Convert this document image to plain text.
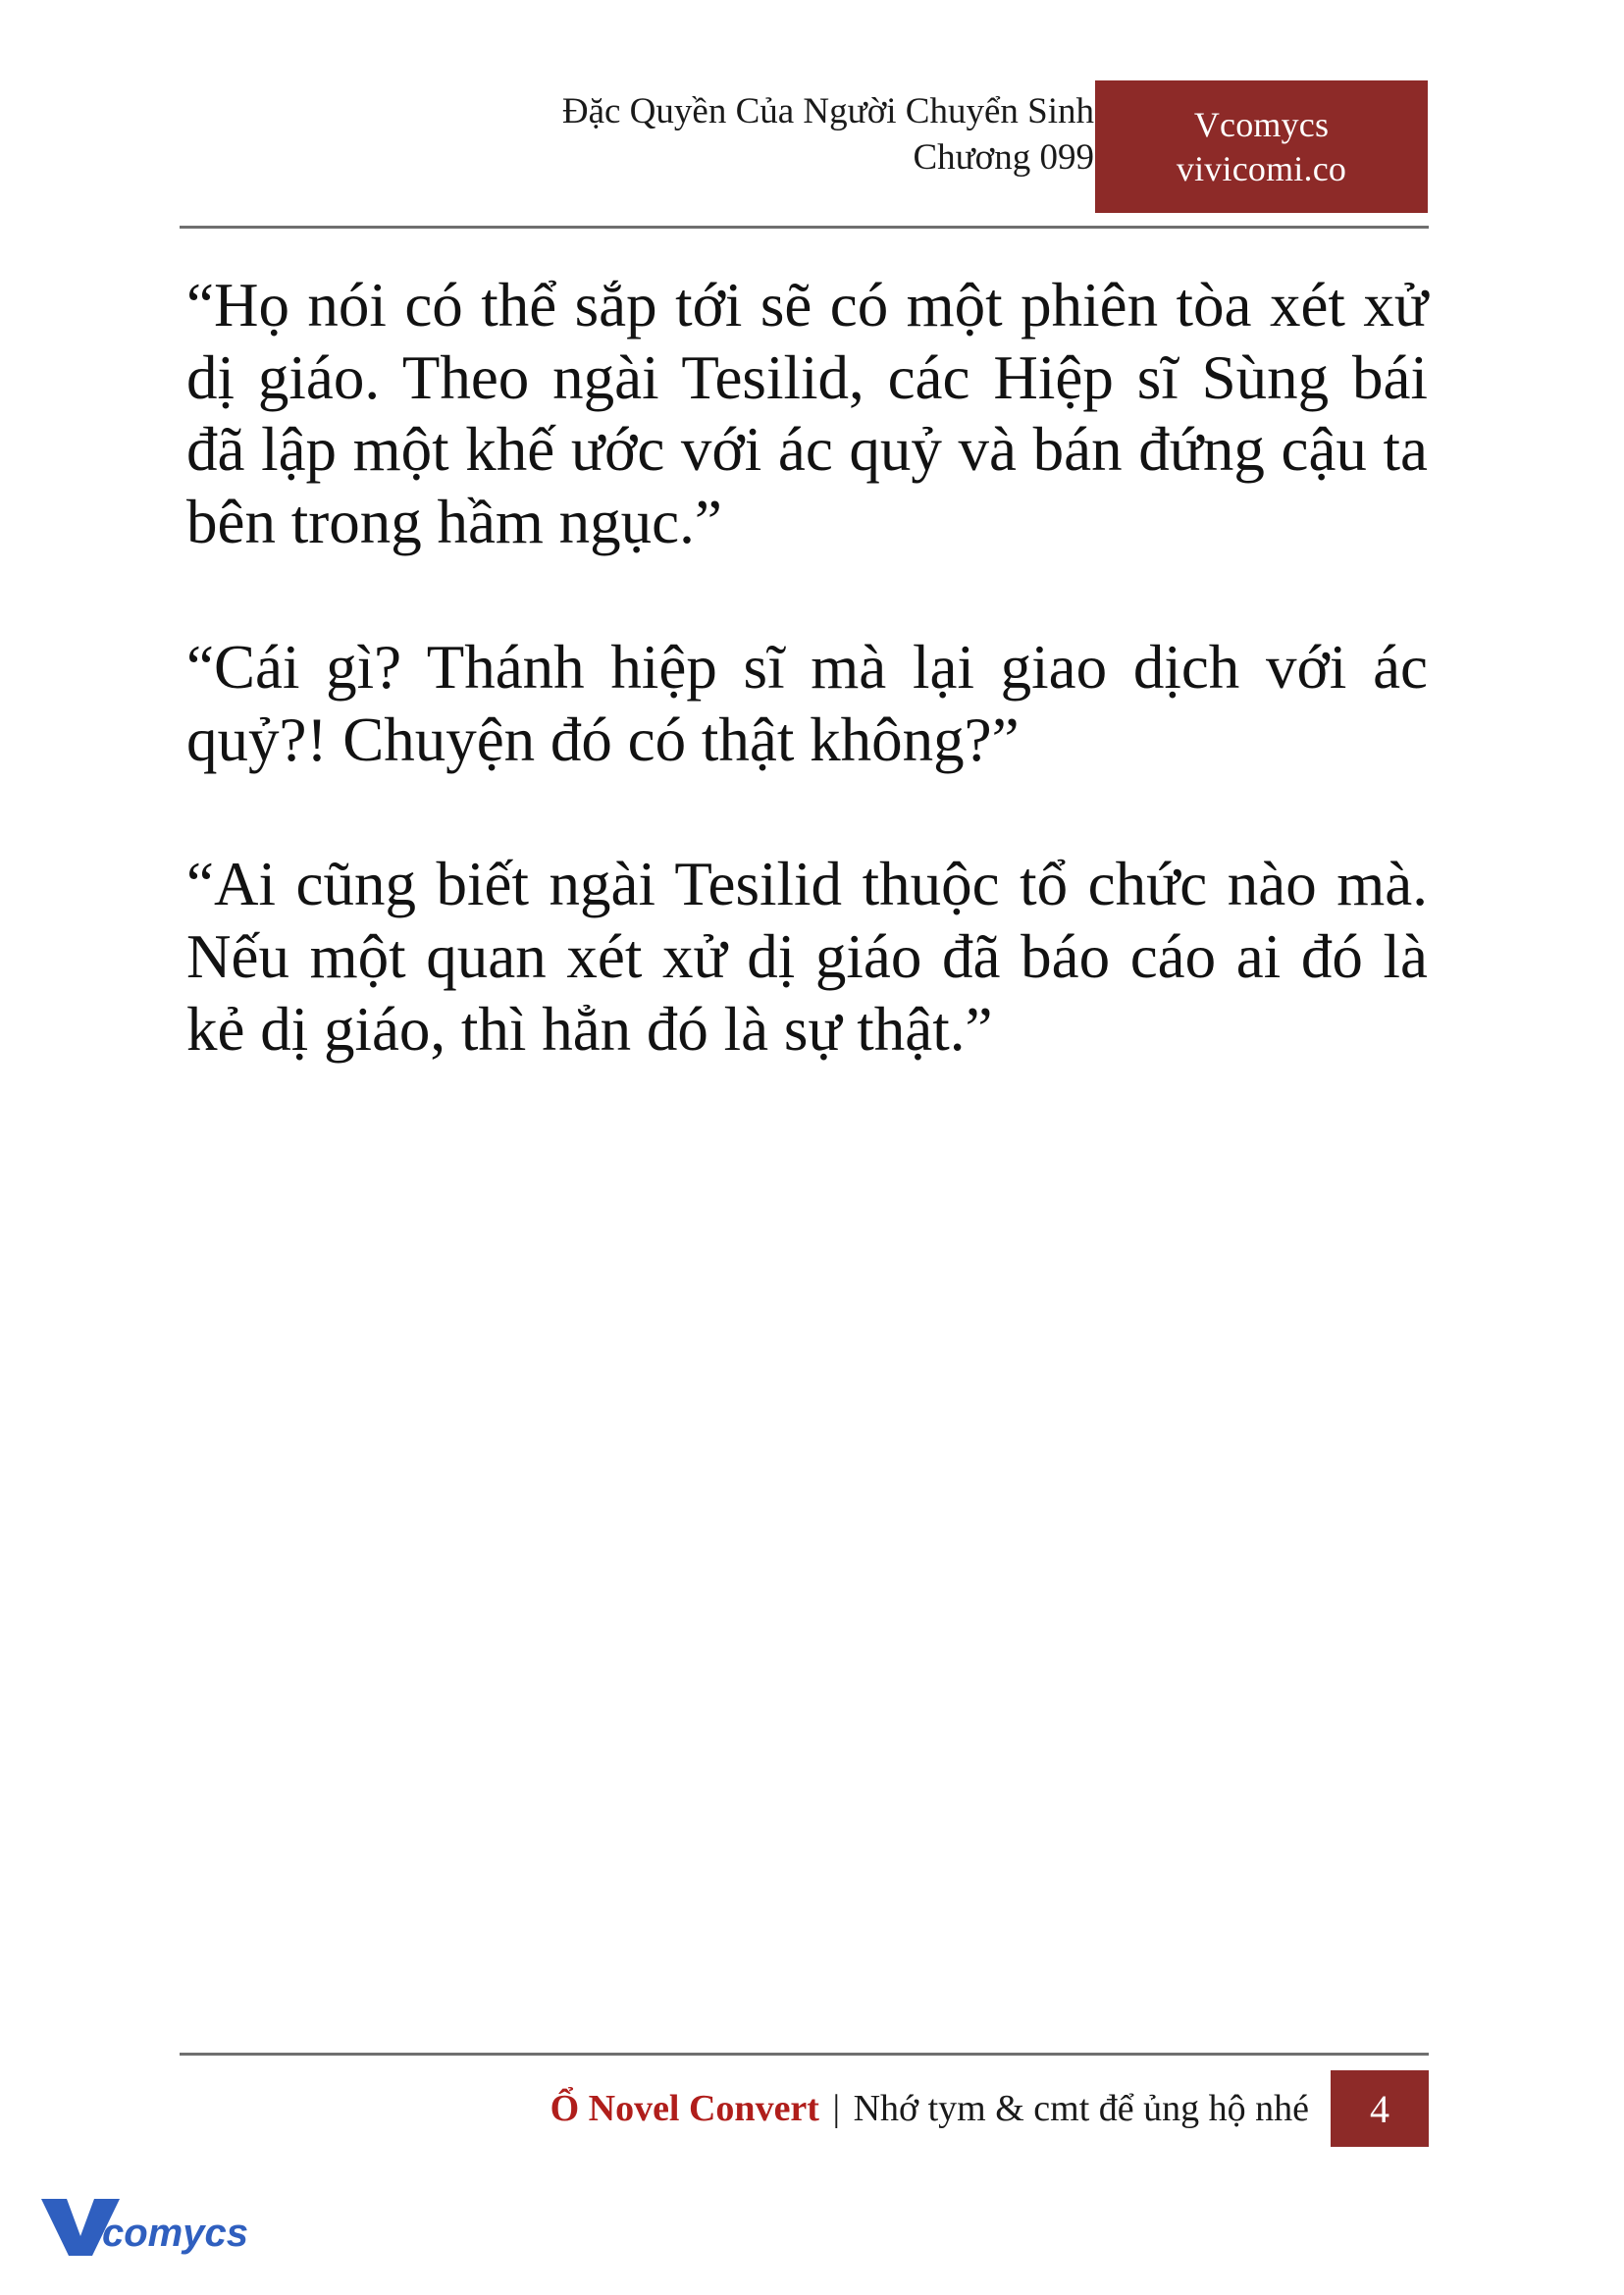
Đặc Quyền Của Người Chuyển Sinh
Chương 099
Vcomycs
vivicomi.co

“Họ nói có thể sắp tới sẽ có một phiên tòa xét xử dị giáo. Theo ngài Tesilid, các Hiệp sĩ Sùng bái đã lập một khế ước với ác quỷ và bán đứng cậu ta bên trong hầm ngục.”

“Cái gì? Thánh hiệp sĩ mà lại giao dịch với ác quỷ?! Chuyện đó có thật không?”

“Ai cũng biết ngài Tesilid thuộc tổ chức nào mà. Nếu một quan xét xử dị giáo đã báo cáo ai đó là kẻ dị giáo, thì hẳn đó là sự thật.”

Ổ Novel Convert | Nhớ tym & cmt để ủng hộ nhé	4
comycs
